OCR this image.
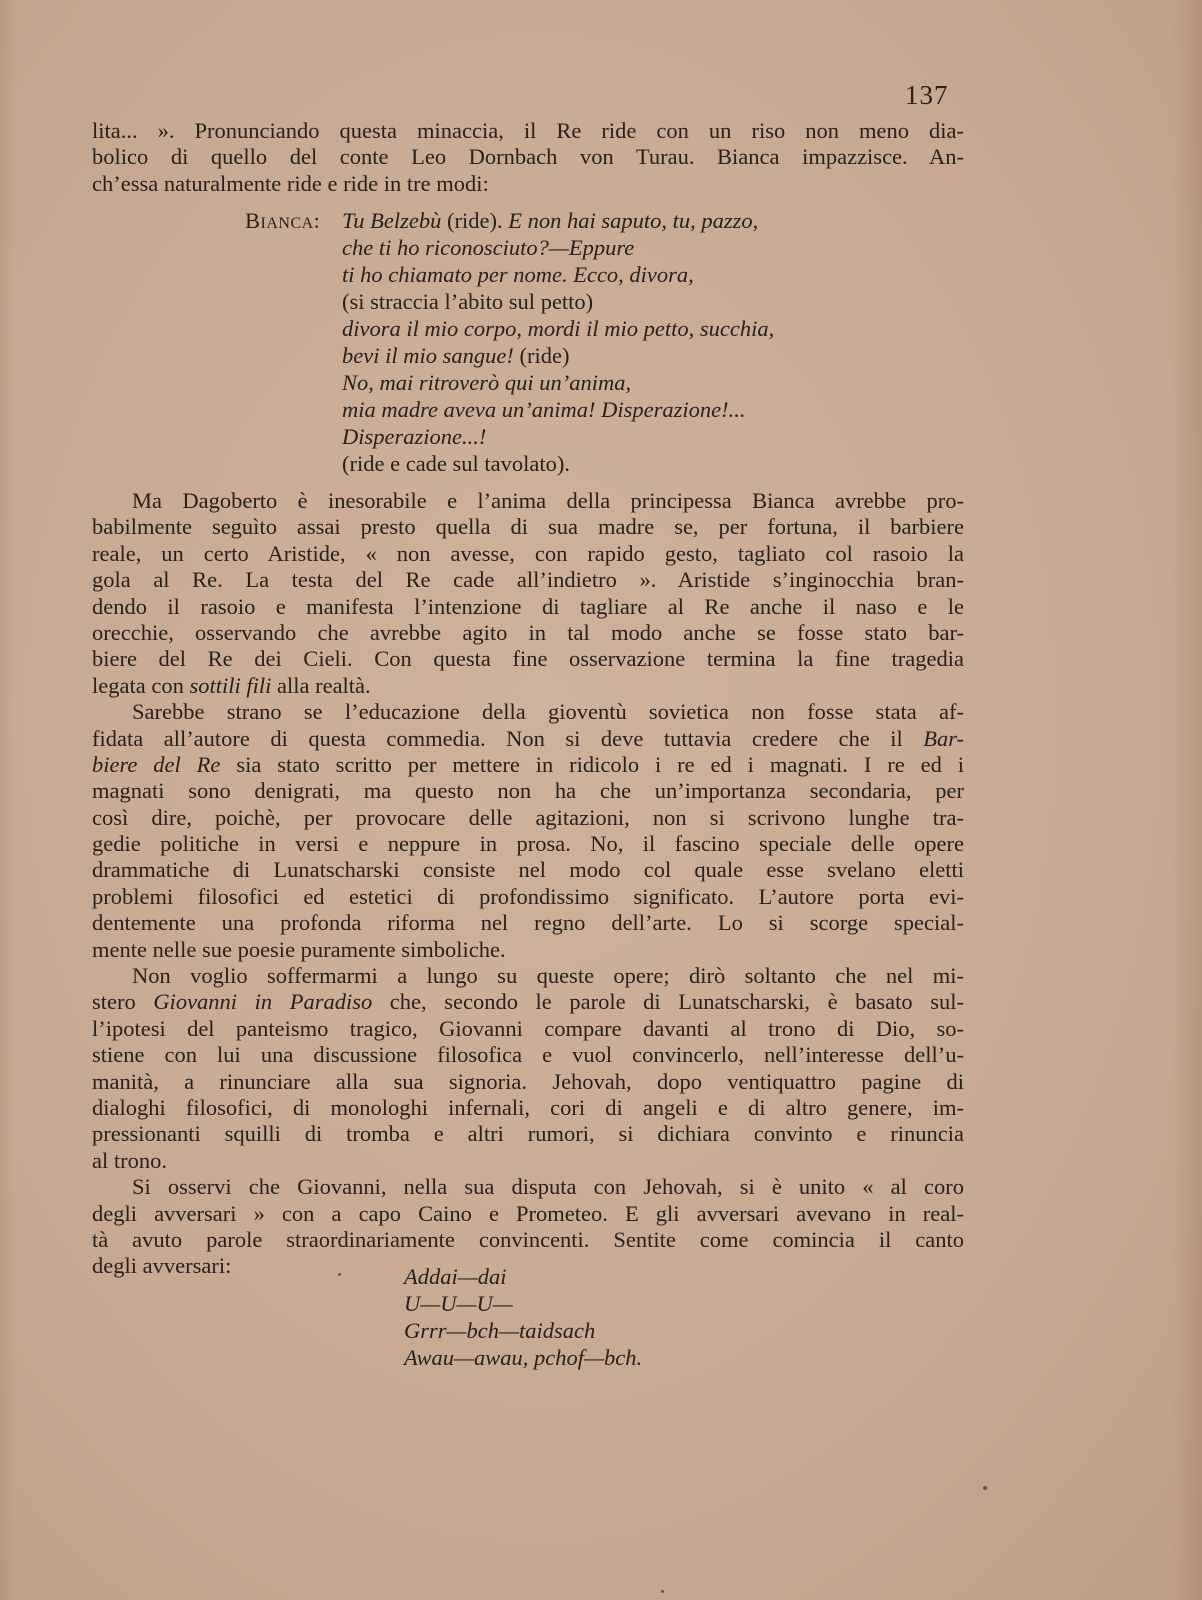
137
lita... ». Pronunciando questa minaccia, il Re ride con un riso non meno dia-
bolico di quello del conte Leo Dornbach von Turau. Bianca impazzisce. An-
ch’essa naturalmente ride e ride in tre modi:
Bianca: Tu Belzebù (ride). E non hai saputo, tu, pazzo,
che ti ho riconosciuto?—Eppure
ti ho chiamato per nome. Ecco, divora,
(si straccia l’abito sul petto)
divora il mio corpo, mordi il mio petto, succhia,
bevi il mio sangue! (ride)
No, mai ritroverò qui un’anima,
mia madre aveva un’anima! Disperazione!...
Disperazione...!
(ride e cade sul tavolato).
Ma Dagoberto è inesorabile e l’anima della principessa Bianca avrebbe pro-
babilmente seguìto assai presto quella di sua madre se, per fortuna, il barbiere
reale, un certo Aristide, « non avesse, con rapido gesto, tagliato col rasoio la
gola al Re. La testa del Re cade all’indietro ». Aristide s’inginocchia bran-
dendo il rasoio e manifesta l’intenzione di tagliare al Re anche il naso e le
orecchie, osservando che avrebbe agito in tal modo anche se fosse stato bar-
biere del Re dei Cieli. Con questa fine osservazione termina la fine tragedia
legata con sottili fili alla realtà.
Sarebbe strano se l’educazione della gioventù sovietica non fosse stata af-
fidata all’autore di questa commedia. Non si deve tuttavia credere che il Bar-
biere del Re sia stato scritto per mettere in ridicolo i re ed i magnati. I re ed i
magnati sono denigrati, ma questo non ha che un’importanza secondaria, per
così dire, poichè, per provocare delle agitazioni, non si scrivono lunghe tra-
gedie politiche in versi e neppure in prosa. No, il fascino speciale delle opere
drammatiche di Lunatscharski consiste nel modo col quale esse svelano eletti
problemi filosofici ed estetici di profondissimo significato. L’autore porta evi-
dentemente una profonda riforma nel regno dell’arte. Lo si scorge special-
mente nelle sue poesie puramente simboliche.
Non voglio soffermarmi a lungo su queste opere; dirò soltanto che nel mi-
stero Giovanni in Paradiso che, secondo le parole di Lunatscharski, è basato sul-
l’ipotesi del panteismo tragico, Giovanni compare davanti al trono di Dio, so-
stiene con lui una discussione filosofica e vuol convincerlo, nell’interesse dell’u-
manità, a rinunciare alla sua signoria. Jehovah, dopo ventiquattro pagine di
dialoghi filosofici, di monologhi infernali, cori di angeli e di altro genere, im-
pressionanti squilli di tromba e altri rumori, si dichiara convinto e rinuncia
al trono.
Si osservi che Giovanni, nella sua disputa con Jehovah, si è unito « al coro
degli avversari » con a capo Caino e Prometeo. E gli avversari avevano in real-
tà avuto parole straordinariamente convincenti. Sentite come comincia il canto
degli avversari:	Addai—dai
U—U—U—
Grrr—bch—taidsach
Awau—awau, pchof—bch.
